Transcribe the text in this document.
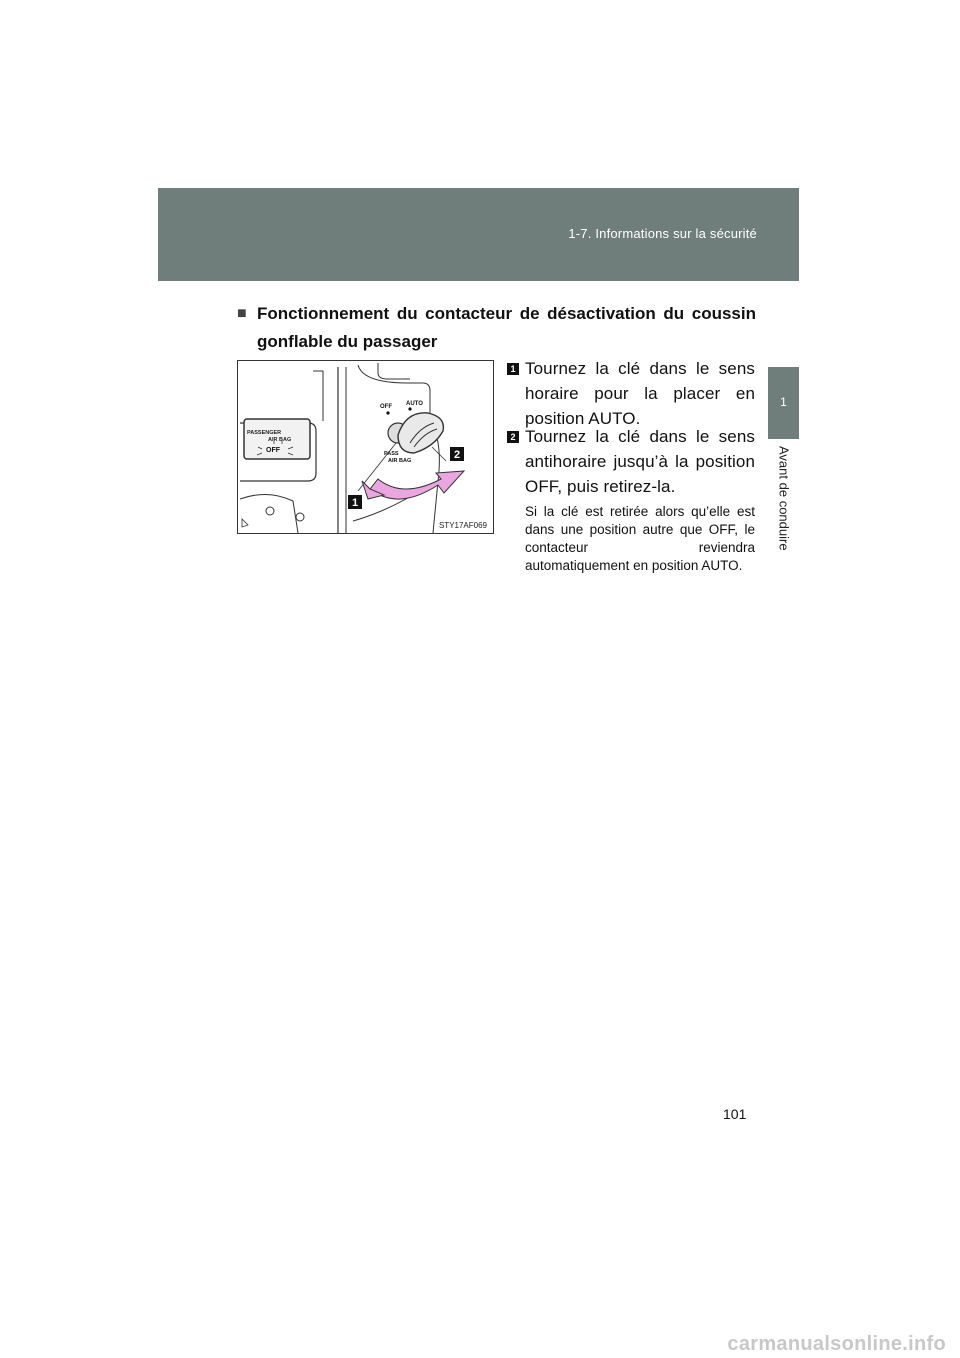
1-7. Informations sur la sécurité
1
Avant de conduire
■ Fonctionnement du contacteur de désactivation du coussin gonflable du passager
PASSENGER
AIR BAG
OFF
OFF AUTO
PASS
AIR BAG
1
2
STY17AF069
1 Tournez la clé dans le sens horaire pour la placer en position AUTO.
2 Tournez la clé dans le sens antihoraire jusqu’à la position OFF, puis retirez-la.
Si la clé est retirée alors qu’elle est dans une position autre que OFF, le contacteur reviendra automatiquement en position AUTO.
101
carmanualsonline.info
